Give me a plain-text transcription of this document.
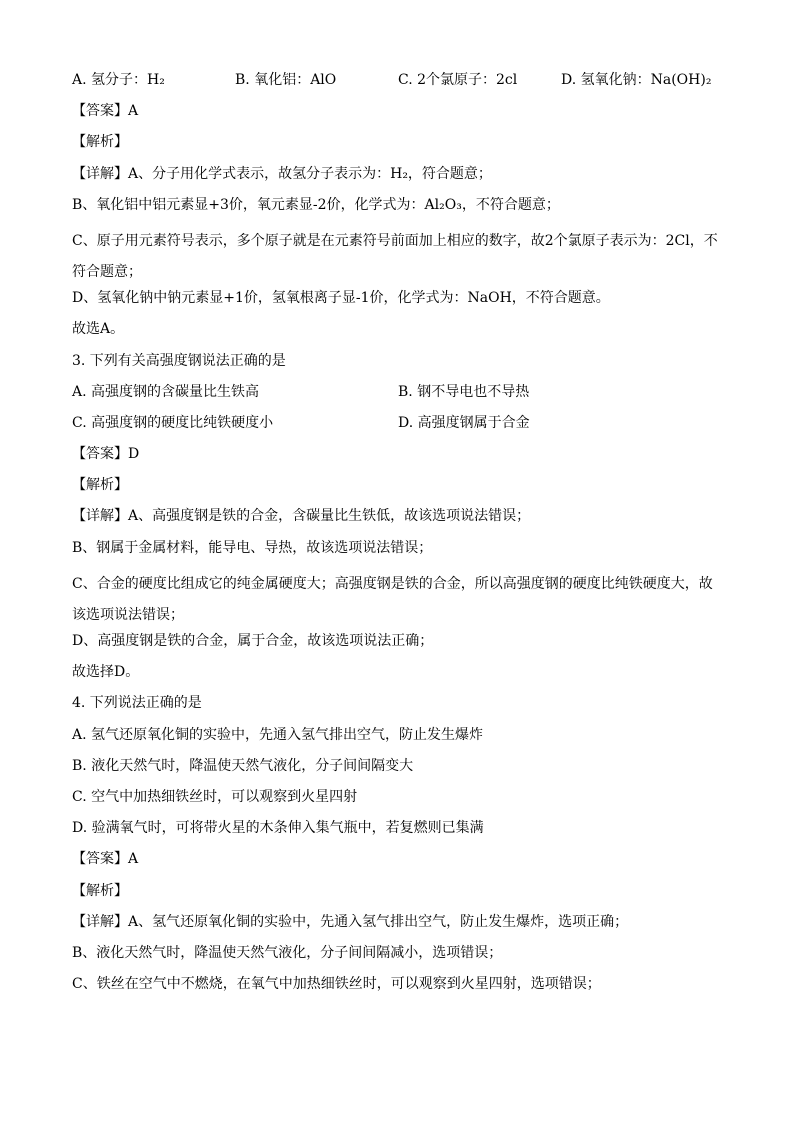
A. 氢分子：H₂	B. 氧化铝：AlO	C. 2个氯原子：2cl	D. 氢氧化钠：Na(OH)₂

【答案】A

【解析】

【详解】A、分子用化学式表示，故氢分子表示为：H₂，符合题意；

B、氧化铝中铝元素显+3价，氧元素显-2价，化学式为：Al₂O₃，不符合题意；

C、原子用元素符号表示，多个原子就是在元素符号前面加上相应的数字，故2个氯原子表示为：2Cl，不符合题意；

D、氢氧化钠中钠元素显+1价，氢氧根离子显-1价，化学式为：NaOH，不符合题意。

故选A。

3. 下列有关高强度钢说法正确的是

A. 高强度钢的含碳量比生铁高	B. 钢不导电也不导热
C. 高强度钢的硬度比纯铁硬度小	D. 高强度钢属于合金

【答案】D

【解析】

【详解】A、高强度钢是铁的合金，含碳量比生铁低，故该选项说法错误；

B、钢属于金属材料，能导电、导热，故该选项说法错误；

C、合金的硬度比组成它的纯金属硬度大；高强度钢是铁的合金，所以高强度钢的硬度比纯铁硬度大，故该选项说法错误；

D、高强度钢是铁的合金，属于合金，故该选项说法正确；

故选择D。

4. 下列说法正确的是

A. 氢气还原氧化铜的实验中，先通入氢气排出空气，防止发生爆炸

B. 液化天然气时，降温使天然气液化，分子间间隔变大

C. 空气中加热细铁丝时，可以观察到火星四射

D. 验满氧气时，可将带火星的木条伸入集气瓶中，若复燃则已集满

【答案】A

【解析】

【详解】A、氢气还原氧化铜的实验中，先通入氢气排出空气，防止发生爆炸，选项正确；

B、液化天然气时，降温使天然气液化，分子间间隔减小，选项错误；

C、铁丝在空气中不燃烧，在氧气中加热细铁丝时，可以观察到火星四射，选项错误；
